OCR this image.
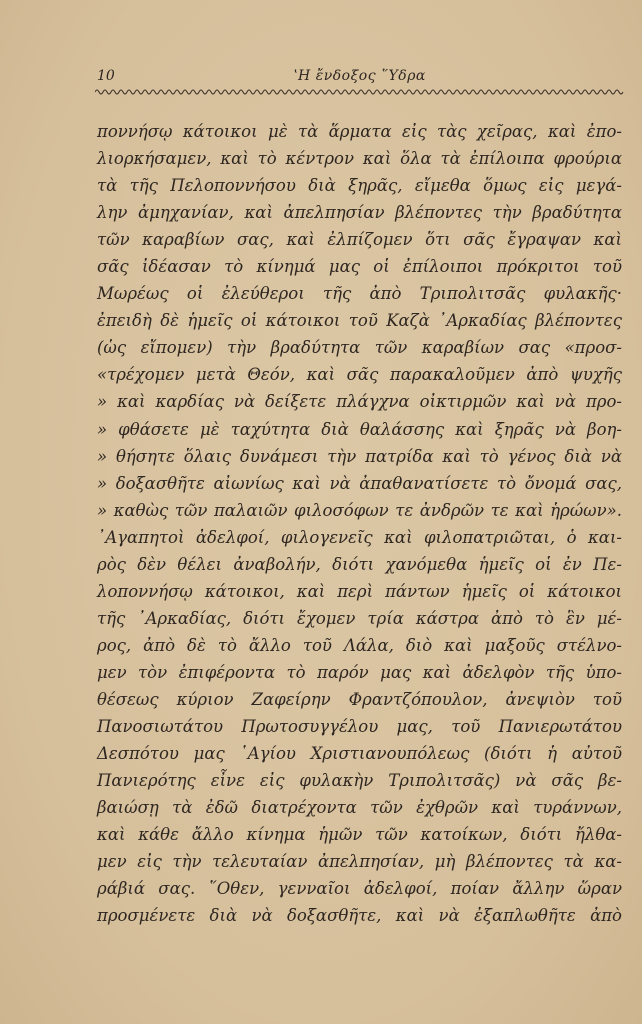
10	ʽΗ ἔνδοξος ῞Υδρα
ποννήσῳ κάτοικοι μὲ τὰ ἅρματα εἰς τὰς χεῖρας, καὶ ἐπο-
λιορκήσαμεν, καὶ τὸ κέντρον καὶ ὅλα τὰ ἐπίλοιπα φρούρια
τὰ τῆς Πελοποννήσου διὰ ξηρᾶς, εἴμεθα ὅμως εἰς μεγά-
λην ἀμηχανίαν, καὶ ἀπελπησίαν βλέποντες τὴν βραδύτητα
τῶν καραβίων σας, καὶ ἐλπίζομεν ὅτι σᾶς ἔγραψαν καὶ
σᾶς ἰδέασαν τὸ κίνημά μας οἱ ἐπίλοιποι πρόκριτοι τοῦ
Μωρέως οἱ ἐλεύθεροι τῆς ἀπὸ Τριπολιτσᾶς φυλακῆς·
ἐπειδὴ δὲ ἡμεῖς οἱ κάτοικοι τοῦ Καζὰ ᾽Αρκαδίας βλέποντες
(ὡς εἴπομεν) τὴν βραδύτητα τῶν καραβίων σας «προσ-
«τρέχομεν μετὰ Θεόν, καὶ σᾶς παρακαλοῦμεν ἀπὸ ψυχῆς
» καὶ καρδίας νὰ δείξετε πλάγχνα οἰκτιρμῶν καὶ νὰ προ-
» φθάσετε μὲ ταχύτητα διὰ θαλάσσης καὶ ξηρᾶς νὰ βοη-
» θήσητε ὅλαις δυνάμεσι τὴν πατρίδα καὶ τὸ γένος διὰ νὰ
» δοξασθῆτε αἰωνίως καὶ νὰ ἀπαθανατίσετε τὸ ὄνομά σας,
» καθὼς τῶν παλαιῶν φιλοσόφων τε ἀνδρῶν τε καὶ ἡρώων».
᾽Αγαπητοὶ ἀδελφοί, φιλογενεῖς καὶ φιλοπατριῶται, ὁ και-
ρὸς δὲν θέλει ἀναβολήν, διότι χανόμεθα ἡμεῖς οἱ ἐν Πε-
λοποννήσῳ κάτοικοι, καὶ περὶ πάντων ἡμεῖς οἱ κάτοικοι
τῆς ᾽Αρκαδίας, διότι ἔχομεν τρία κάστρα ἀπὸ τὸ ἓν μέ-
ρος, ἀπὸ δὲ τὸ ἄλλο τοῦ Λάλα, διὸ καὶ μαξοῦς στέλνο-
μεν τὸν ἐπιφέροντα τὸ παρόν μας καὶ ἀδελφὸν τῆς ὑπο-
θέσεως κύριον Ζαφείρην Φραντζόπουλον, ἀνεψιὸν τοῦ
Πανοσιωτάτου Πρωτοσυγγέλου μας, τοῦ Πανιερωτάτου
Δεσπότου μας ῾Αγίου Χριστιανουπόλεως (διότι ἡ αὐτοῦ
Πανιερότης εἶνε εἰς φυλακὴν Τριπολιτσᾶς) νὰ σᾶς βε-
βαιώσῃ τὰ ἐδῶ διατρέχοντα τῶν ἐχθρῶν καὶ τυράννων,
καὶ κάθε ἄλλο κίνημα ἡμῶν τῶν κατοίκων, διότι ἤλθα-
μεν εἰς τὴν τελευταίαν ἀπελπησίαν, μὴ βλέποντες τὰ κα-
ράβιά σας. ῞Οθεν, γενναῖοι ἀδελφοί, ποίαν ἄλλην ὥραν
προσμένετε διὰ νὰ δοξασθῆτε, καὶ νὰ ἐξαπλωθῆτε ἀπὸ
